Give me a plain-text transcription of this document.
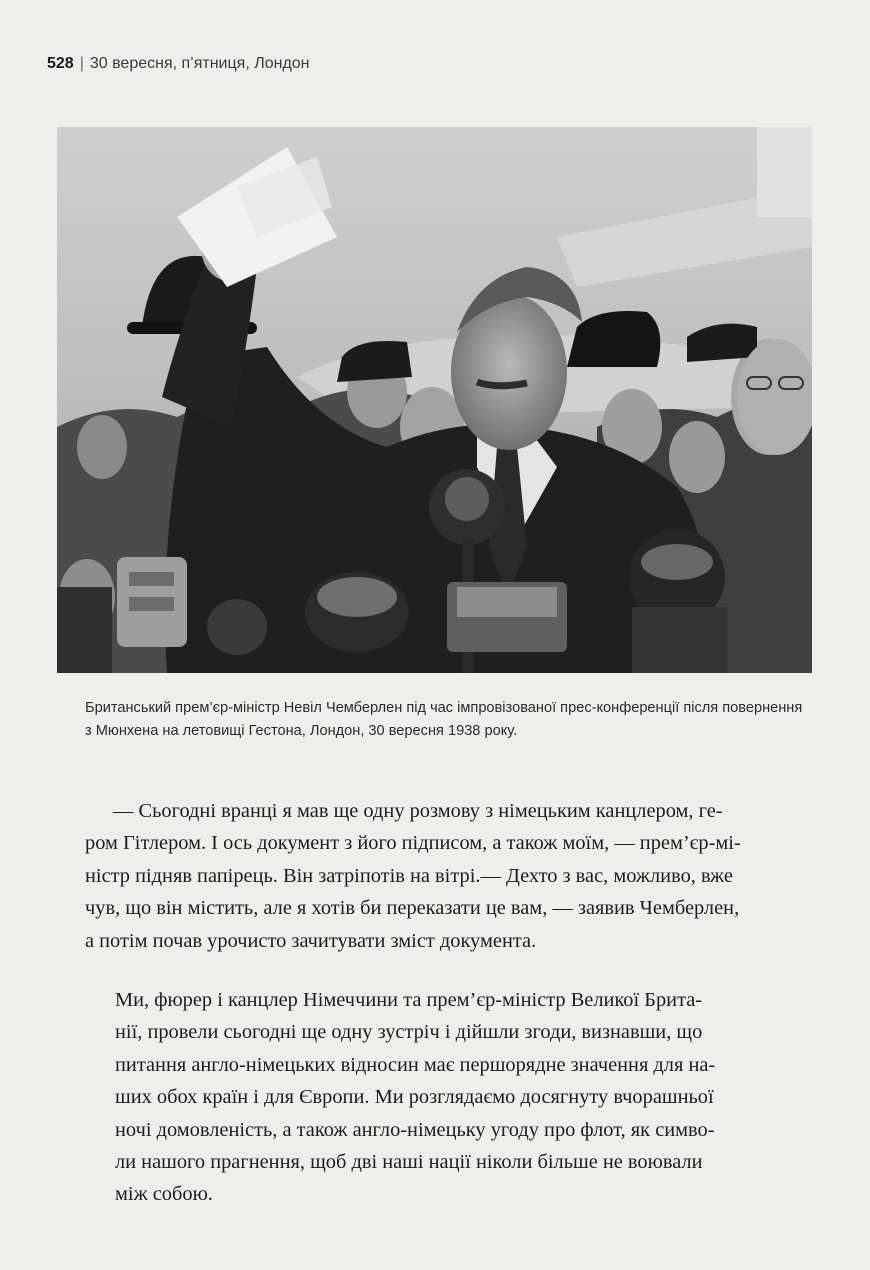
528 | 30 вересня, п’ятниця, Лондон
Британський прем’єр-міністр Невіл Чемберлен під час імпровізованої прес-конференції після повернення
з Мюнхена на летовищі Гестона, Лондон, 30 вересня 1938 року.
— Сьогодні вранці я мав ще одну розмову з німецьким канцлером, ге-
ром Гітлером. І ось документ з його підписом, а також моїм, — прем’єр-мі-
ністр підняв папірець. Він затріпотів на вітрі.— Дехто з вас, можливо, вже
чув, що він містить, але я хотів би переказати це вам, — заявив Чемберлен,
а потім почав урочисто зачитувати зміст документа.
Ми, фюрер і канцлер Німеччини та прем’єр-міністр Великої Брита-
нії, провели сьогодні ще одну зустріч і дійшли згоди, визнавши, що
питання англо-німецьких відносин має першорядне значення для на-
ших обох країн і для Європи. Ми розглядаємо досягнуту вчорашньої
ночі домовленість, а також англо-німецьку угоду про флот, як симво-
ли нашого прагнення, щоб дві наші нації ніколи більше не воювали
між собою.
